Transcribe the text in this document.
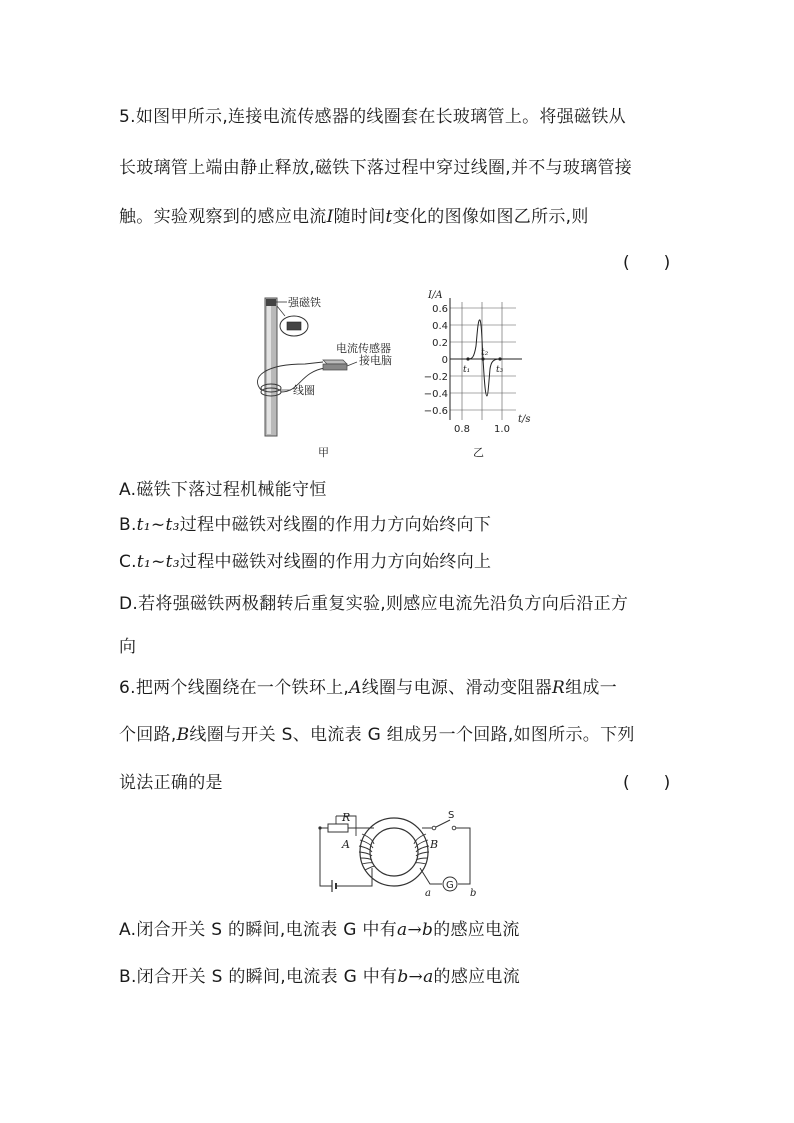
5.如图甲所示,连接电流传感器的线圈套在长玻璃管上。将强磁铁从
长玻璃管上端由静止释放,磁铁下落过程中穿过线圈,并不与玻璃管接
触。实验观察到的感应电流I随时间t变化的图像如图乙所示,则
(　　)
强磁铁
电流传感器
接电脑
线圈
甲
0.6
0.4
0.2
0
−0.2
−0.4
−0.6
I/A
t/s
0.8 1.0
t₁
t₂
t₃
乙
A.磁铁下落过程机械能守恒
B.t₁~t₃过程中磁铁对线圈的作用力方向始终向下
C.t₁~t₃过程中磁铁对线圈的作用力方向始终向上
D.若将强磁铁两极翻转后重复实验,则感应电流先沿负方向后沿正方
向
6.把两个线圈绕在一个铁环上,A线圈与电源、滑动变阻器R组成一
个回路,B线圈与开关 S、电流表 G 组成另一个回路,如图所示。下列
说法正确的是	(　　)
R
A	B
S
G
a	b
A.闭合开关 S 的瞬间,电流表 G 中有a→b的感应电流
B.闭合开关 S 的瞬间,电流表 G 中有b→a的感应电流
